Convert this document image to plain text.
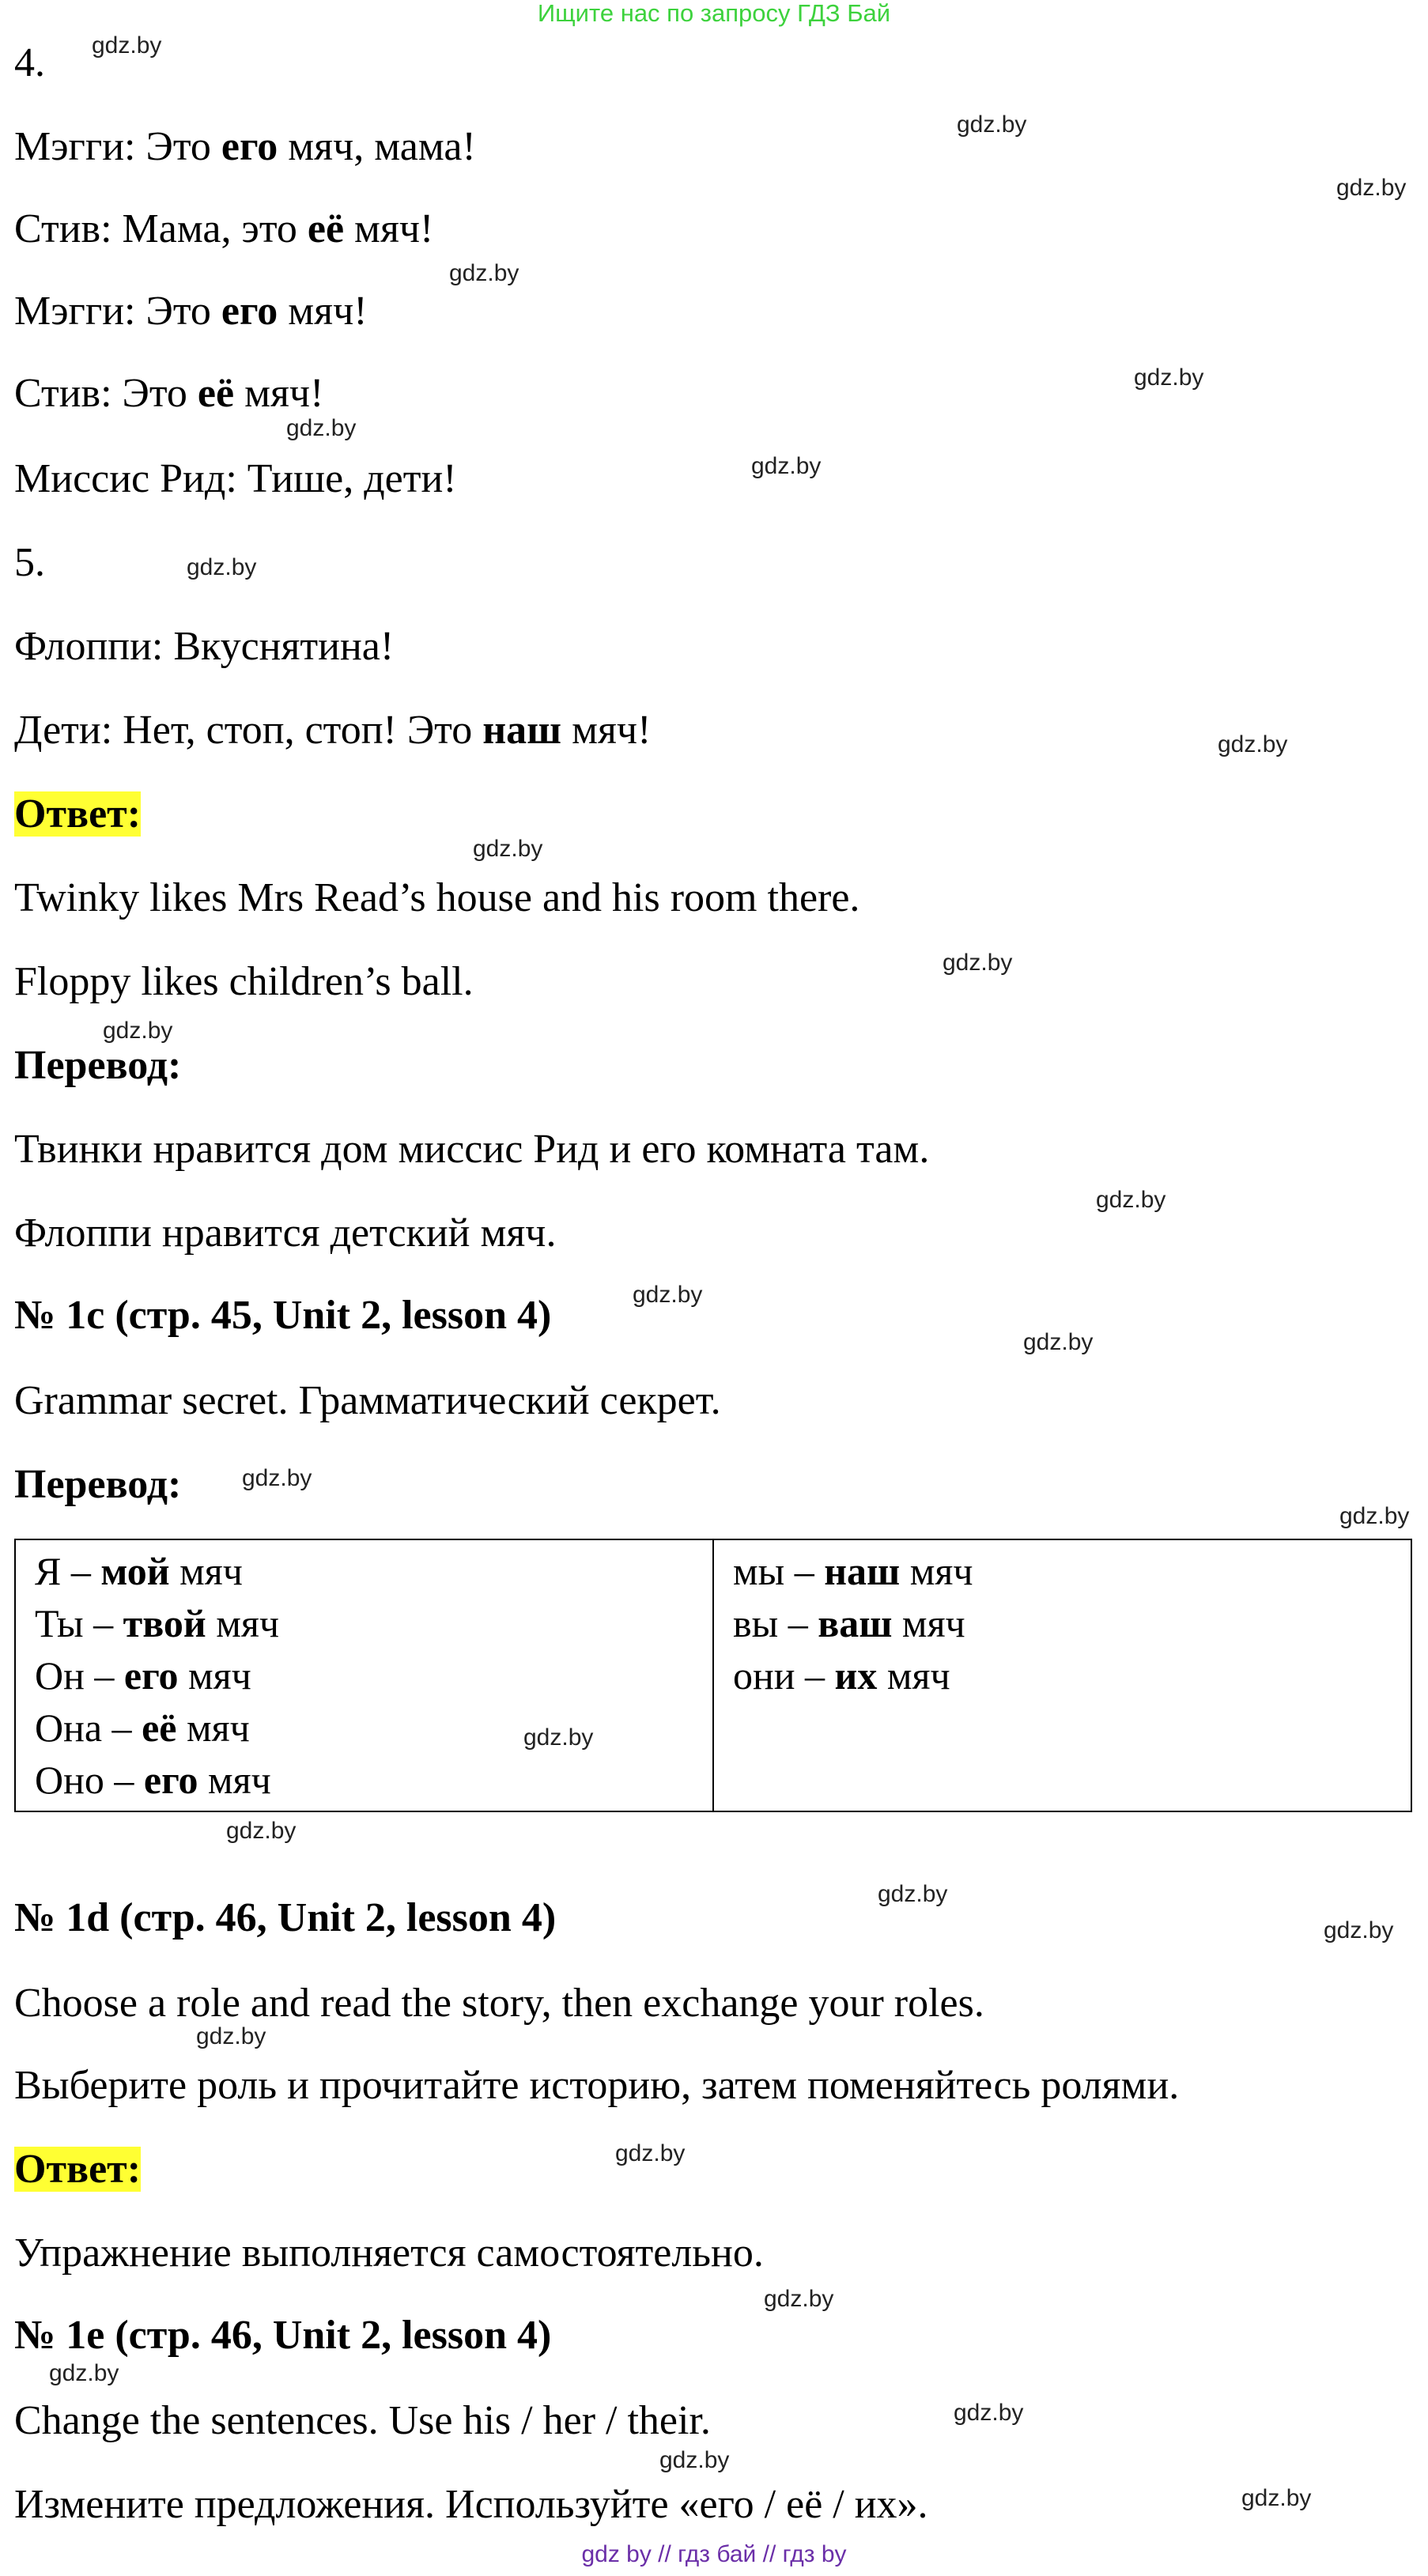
Ищите нас по запросу ГДЗ Бай
4.
Мэгги: Это его мяч, мама!
Стив: Мама, это её мяч!
Мэгги: Это его мяч!
Стив: Это её мяч!
Миссис Рид: Тише, дети!
5.
Флоппи: Вкуснятина!
Дети: Нет, стоп, стоп! Это наш мяч!
Ответ:
Twinky likes Mrs Read’s house and his room there.
Floppy likes children’s ball.
Перевод:
Твинки нравится дом миссис Рид и его комната там.
Флоппи нравится детский мяч.
№ 1c (стр. 45, Unit 2, lesson 4)
Grammar secret. Грамматический секрет.
Перевод:
Я – мой мяч
Ты – твой мяч
Он – его мяч
Она – её мяч
Оно – его мяч

мы – наш мяч
вы – ваш мяч
они – их мяч
№ 1d (стр. 46, Unit 2, lesson 4)
Choose a role and read the story, then exchange your roles.
Выберите роль и прочитайте историю, затем поменяйтесь ролями.
Ответ:
Упражнение выполняется самостоятельно.
№ 1e (стр. 46, Unit 2, lesson 4)
Change the sentences. Use his / her / their.
Измените предложения. Используйте «его / её / их».
gdz.by
gdz.by
gdz.by
gdz.by
gdz.by
gdz.by
gdz.by
gdz.by
gdz.by
gdz.by
gdz.by
gdz.by
gdz.by
gdz.by
gdz.by
gdz.by
gdz.by
gdz.by
gdz.by
gdz.by
gdz.by
gdz.by
gdz.by
gdz.by
gdz.by
gdz.by
gdz.by
gdz.by
gdz by // гдз бай // гдз by
